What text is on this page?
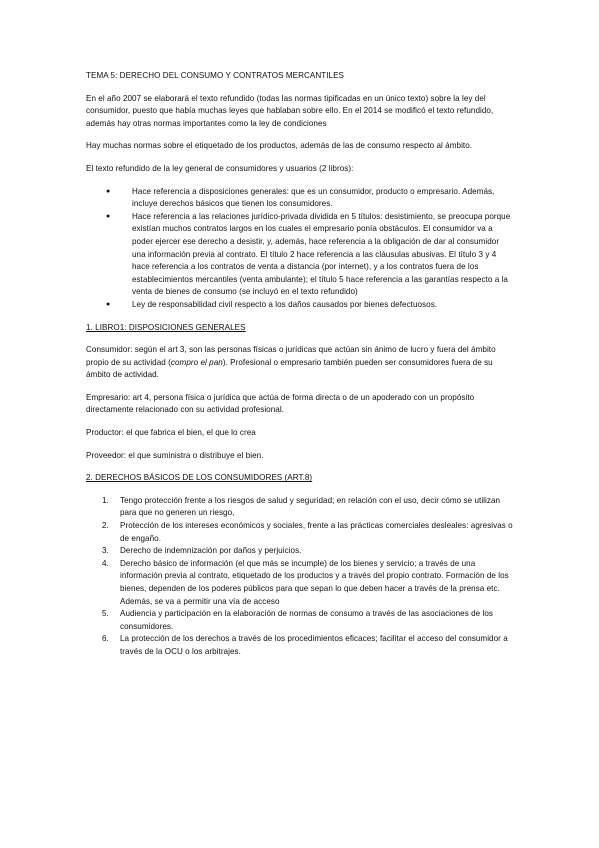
TEMA 5: DERECHO DEL CONSUMO Y CONTRATOS MERCANTILES

En el año 2007 se elaborará el texto refundido (todas las normas tipificadas en un único texto) sobre la ley del consumidor, puesto que había muchas leyes que hablaban sobre ello. En el 2014 se modificó el texto refundido, además hay otras normas importantes como la ley de condiciones

Hay muchas normas sobre el etiquetado de los productos, además de las de consumo respecto al ámbito.

El texto refundido de la ley general de consumidores y usuarios (2 libros):

● Hace referencia a disposiciones generales: que es un consumidor, producto o empresario. Además, incluye derechos básicos que tienen los consumidores.
● Hace referencia a las relaciones jurídico-privada dividida en 5 títulos: desistimiento, se preocupa porque existían muchos contratos largos en los cuales el empresario ponía obstáculos. El consumidor va a poder ejercer ese derecho a desistir, y, además, hace referencia a la obligación de dar al consumidor una información previa al contrato. El título 2 hace referencia a las cláusulas abusivas. El título 3 y 4 hace referencia a los contratos de venta a distancia (por internet), y a los contratos fuera de los establecimientos mercantiles (venta ambulante); el título 5 hace referencia a las garantías respecto a la venta de bienes de consumo (se incluyó en el texto refundido)
● Ley de responsabilidad civil respecto a los daños causados por bienes defectuosos.
1. LIBRO1: DISPOSICIONES GENERALES

Consumidor: según el art 3, son las personas físicas o jurídicas que actúan sin ánimo de lucro y fuera del ámbito propio de su actividad (compro el pan). Profesional o empresario también pueden ser consumidores fuera de su ámbito de actividad.

Empresario: art 4, persona física o jurídica que actúa de forma directa o de un apoderado con un propósito directamente relacionado con su actividad profesional.

Productor: el que fabrica el bien, el que lo crea

Proveedor: el que suministra o distribuye el bien.

2. DERECHOS BÁSICOS DE LOS CONSUMIDORES (ART.8)
1. Tengo protección frente a los riesgos de salud y seguridad; en relación con el uso, decir cómo se utilizan para que no generen un riesgo,
2. Protección de los intereses económicos y sociales, frente a las prácticas comerciales desleales: agresivas o de engaño.
3. Derecho de indemnización por daños y perjuicios.
4. Derecho básico de información (el que más se incumple) de los bienes y servicio; a través de una información previa al contrato, etiquetado de los productos y a través del propio contrato. Formación de los bienes, dependen de los poderes públicos para que sepan lo que deben hacer a través de la prensa etc. Además, se va a permitir una vía de acceso
5. Audiencia y participación en la elaboración de normas de consumo a través de las asociaciones de los consumidores.
6. La protección de los derechos a través de los procedimientos eficaces; facilitar el acceso del consumidor a través de la OCU o los arbitrajes.
